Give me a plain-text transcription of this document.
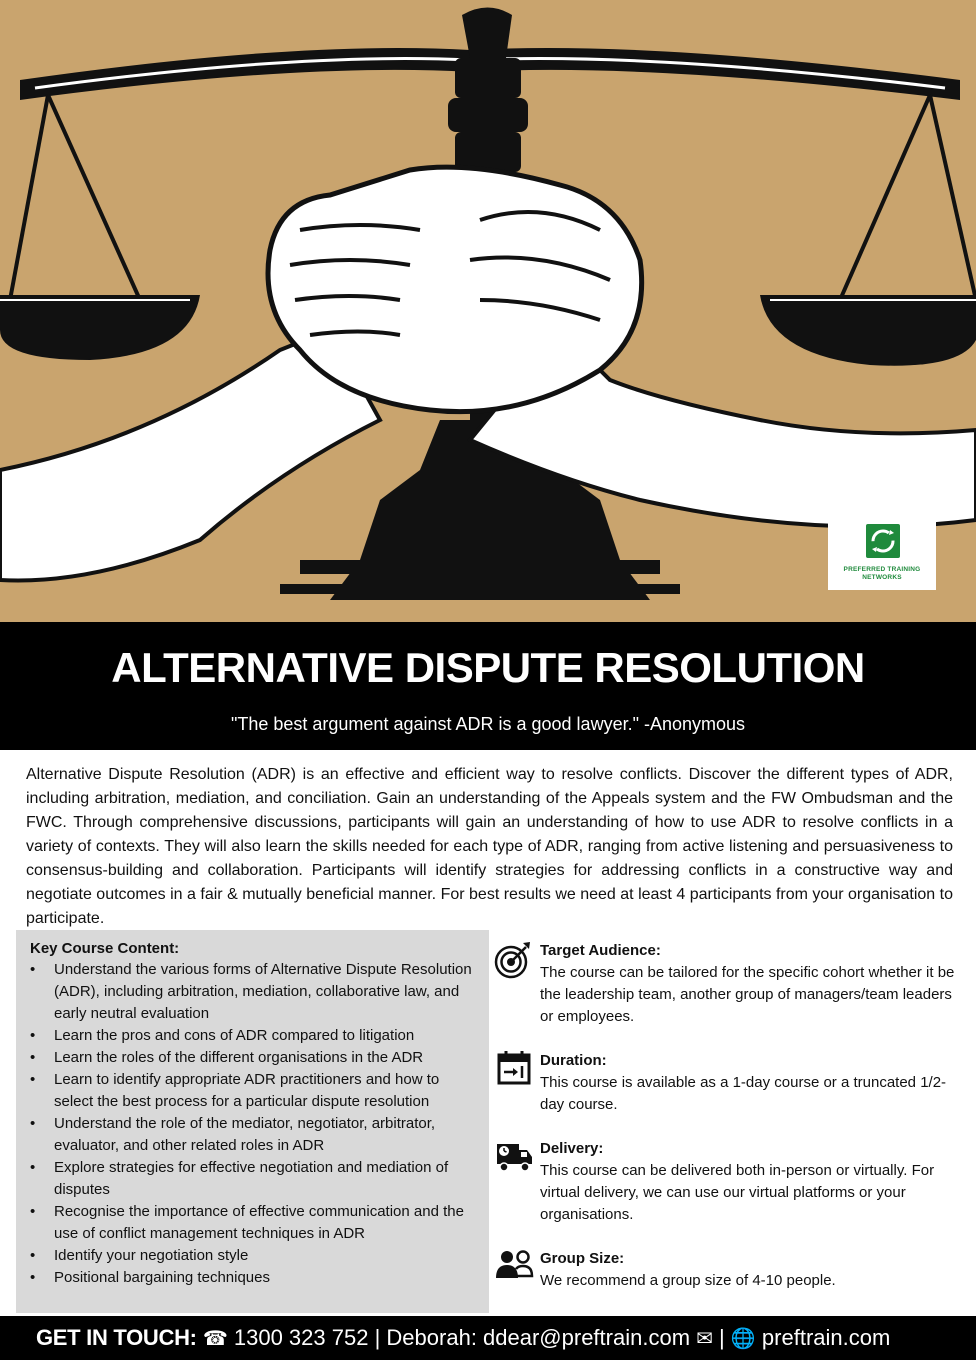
PREFERRED TRAINING
NETWORKS
ALTERNATIVE DISPUTE RESOLUTION
"The best argument against ADR is a good lawyer." -Anonymous

Alternative Dispute Resolution (ADR) is an effective and efficient way to resolve conflicts. Discover the different types of ADR, including arbitration, mediation, and conciliation. Gain an understanding of the Appeals system and the FW Ombudsman and the FWC. Through comprehensive discussions, participants will gain an understanding of how to use ADR to resolve conflicts in a variety of contexts. They will also learn the skills needed for each type of ADR, ranging from active listening and persuasiveness to consensus-building and collaboration. Participants will identify strategies for addressing conflicts in a constructive way and negotiate outcomes in a fair & mutually beneficial manner. For best results we need at least 4 participants from your organisation to participate.

Key Course Content:
• Understand the various forms of Alternative Dispute Resolution (ADR), including arbitration, mediation, collaborative law, and early neutral evaluation
• Learn the pros and cons of ADR compared to litigation
• Learn the roles of the different organisations in the ADR
• Learn to identify appropriate ADR practitioners and how to select the best process for a particular dispute resolution
• Understand the role of the mediator, negotiator, arbitrator, evaluator, and other related roles in ADR
• Explore strategies for effective negotiation and mediation of disputes
• Recognise the importance of effective communication and the use of conflict management techniques in ADR
• Identify your negotiation style
• Positional bargaining techniques
Target Audience:

The course can be tailored for the specific cohort whether it be the leadership team, another group of managers/team leaders or employees.

Duration:

This course is available as a 1-day course or a truncated 1/2-day course.

Delivery:

This course can be delivered both in-person or virtually. For virtual delivery, we can use our virtual platforms or your organisations.

Group Size:

We recommend a group size of 4-10 people.

GET IN TOUCH: ☎ 1300 323 752 | Deborah: ddear@preftrain.com ✉ | 🌐 preftrain.com
